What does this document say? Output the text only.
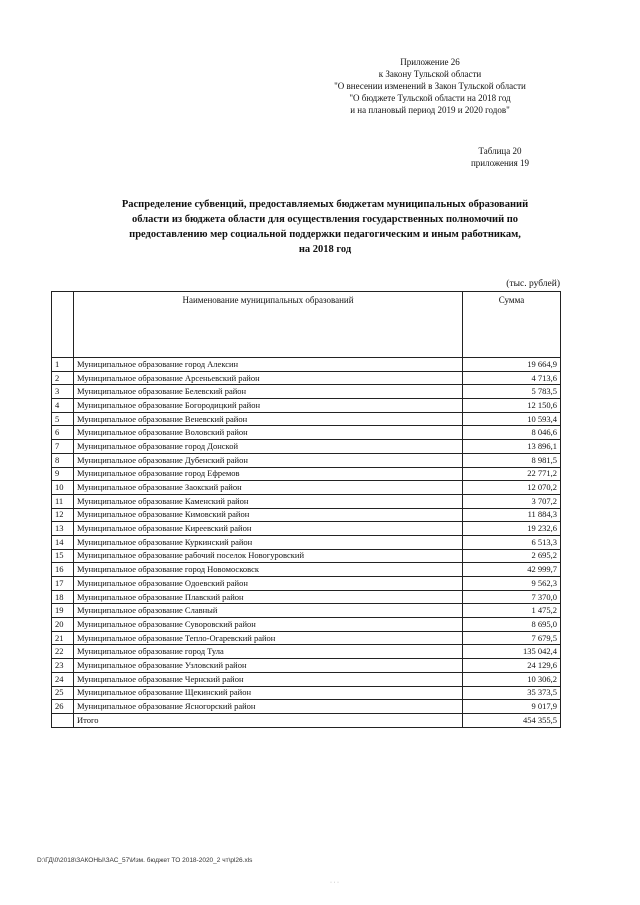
Приложение 26
к Закону Тульской области
"О внесении изменений в Закон Тульской области
"О бюджете Тульской области на 2018 год
и на плановый период 2019 и 2020 годов"
Таблица 20
приложения 19
Распределение субвенций, предоставляемых бюджетам муниципальных образований
области из бюджета области для осуществления государственных полномочий по
предоставлению мер социальной поддержки педагогическим и иным работникам,
на 2018 год
(тыс. рублей)
	Наименование муниципальных образований	Сумма
1	Муниципальное образование город Алексин	19 664,9
2	Муниципальное образование Арсеньевский район	4 713,6
3	Муниципальное образование Белевский район	5 783,5
4	Муниципальное образование Богородицкий район	12 150,6
5	Муниципальное образование Веневский район	10 593,4
6	Муниципальное образование Воловский район	8 046,6
7	Муниципальное образование город Донской	13 896,1
8	Муниципальное образование Дубенский район	8 981,5
9	Муниципальное образование город Ефремов	22 771,2
10	Муниципальное образование Заокский район	12 070,2
11	Муниципальное образование Каменский район	3 707,2
12	Муниципальное образование Кимовский район	11 884,3
13	Муниципальное образование Киреевский район	19 232,6
14	Муниципальное образование Куркинский район	6 513,3
15	Муниципальное образование рабочий поселок Новогуровский	2 695,2
16	Муниципальное образование город Новомосковск	42 999,7
17	Муниципальное образование Одоевский район	9 562,3
18	Муниципальное образование Плавский район	7 370,0
19	Муниципальное образование Славный	1 475,2
20	Муниципальное образование Суворовский район	8 695,0
21	Муниципальное образование Тепло-Огаревский район	7 679,5
22	Муниципальное образование город Тула	135 042,4
23	Муниципальное образование Узловский район	24 129,6
24	Муниципальное образование Чернский район	10 306,2
25	Муниципальное образование Щекинский район	35 373,5
26	Муниципальное образование Ясногорский район	9 017,9
	Итого	454 355,5
D:\ГД\0\2018\ЗАКОНЫ\ЗАС_57\Изм. бюджет ТО 2018-2020_2 чт\pl26.xls
· · ·
